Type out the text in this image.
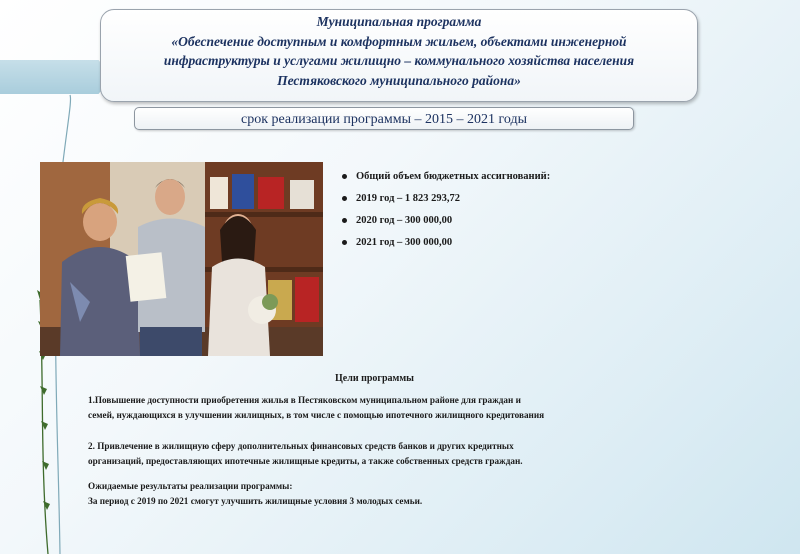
Муниципальная программа
«Обеспечение доступным и комфортным жильем, объектами инженерной
инфраструктуры и услугами жилищно – коммунального хозяйства населения
Пестяковского муниципального района»
срок реализации программы – 2015 – 2021 годы
Общий объем бюджетных ассигнований:
2019 год – 1 823 293,72
2020 год – 300 000,00
2021 год – 300 000,00
Цели программы
1.Повышение доступности приобретения жилья в Пестяковском муниципальном районе для граждан и
семей, нуждающихся в улучшении жилищных, в том числе с помощью ипотечного жилищного кредитования
2. Привлечение в жилищную сферу дополнительных финансовых средств банков и других кредитных
организаций, предоставляющих ипотечные жилищные кредиты, а также собственных средств граждан.
Ожидаемые результаты реализации программы:
За период с 2019 по 2021 смогут улучшить жилищные условия 3 молодых семьи.
